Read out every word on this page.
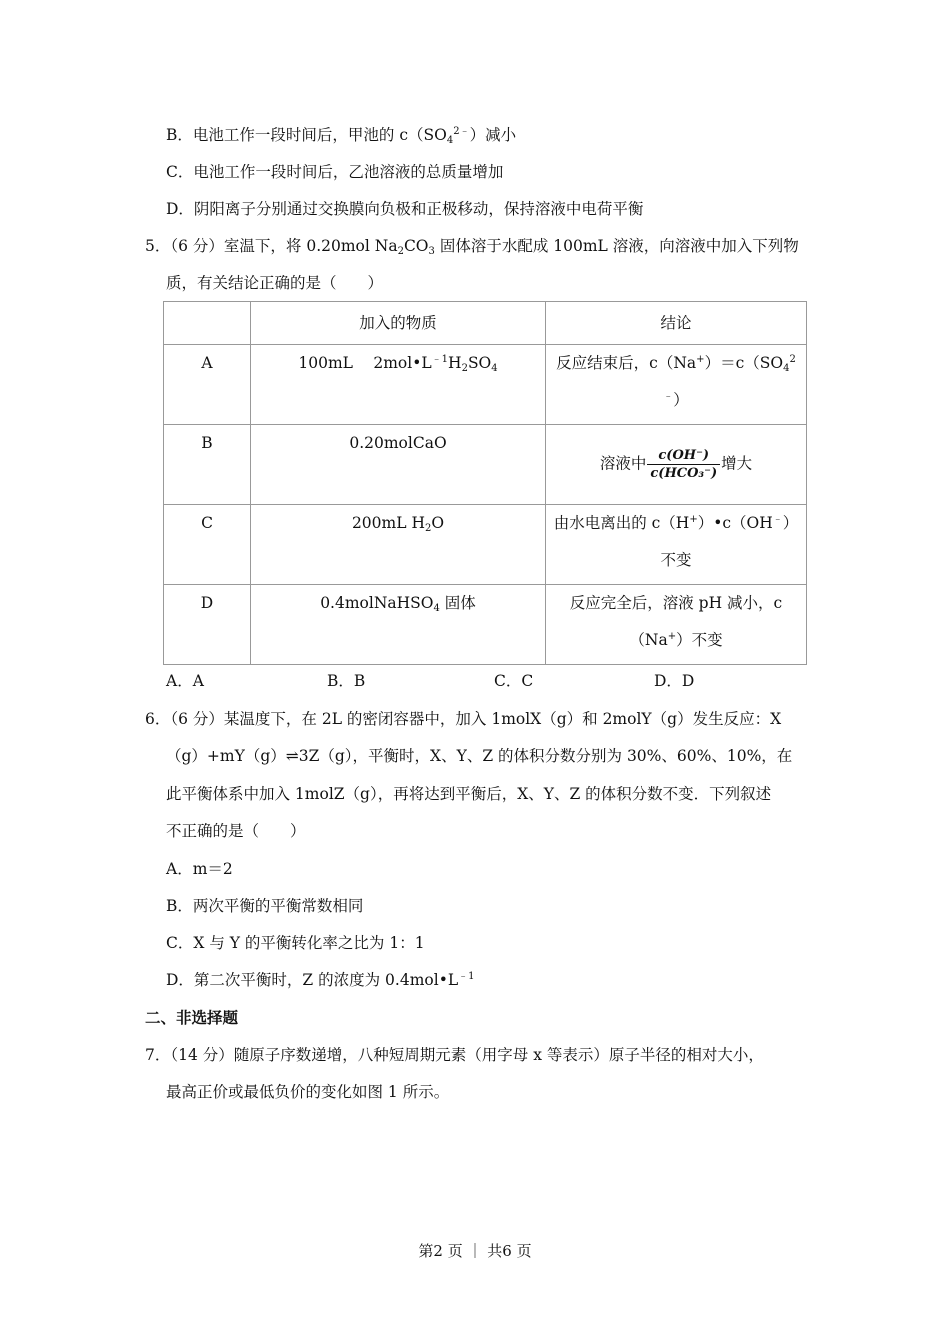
B．电池工作一段时间后，甲池的 $c(SO_4^{2﹣})$减小
C．电池工作一段时间后，乙池溶液的总质量增加
D．阴阳离子分别通过交换膜向负极和正极移动，保持溶液中电荷平衡
5．（6 分）室温下，将 0.20mol $Na_2CO_3$ 固体溶于水配成 100mL 溶液，向溶液中加入下列物
质，有关结论正确的是（　　）
	加入的物质	结论
A	100mL　 $2mol•L^{﹣1}H_2SO_4$	反应结束后，$c(Na^+)=c(SO_4^2$
﹣）
B	0.20molCaO	溶液中 $\frac{c(OH^-)}{\text{c(HCO₃⁻)}}$ 增大
C	200mL $H_2O$	由水电离出的 c（H+）•c（OH﹣）
不变
D	0.4molNaHSO$_4$ 固体	反应完全后，溶液 pH 减小，c
（Na+）不变
A．A	B．B	C．C	D．D
6．（6 分）某温度下，在 2L 的密闭容器中，加入 1molX（g）和 2molY（g）发生反应：X
（g）+mY（g）⇌3Z（g），平衡时，X、Y、Z 的体积分数分别为 30%、60%、10%，在
此平衡体系中加入 1molZ（g），再将达到平衡后，X、Y、Z 的体积分数不变．下列叙述
不正确的是（　　）
A．m＝2
B．两次平衡的平衡常数相同
C．X 与 Y 的平衡转化率之比为 1：1
D．第二次平衡时，Z 的浓度为 $0.4mol•L^{﹣1}$
二、非选择题
7．（14 分）随原子序数递增，八种短周期元素（用字母 x 等表示）原子半径的相对大小，
最高正价或最低负价的变化如图 1 所示。
第2 页 ｜ 共6 页
